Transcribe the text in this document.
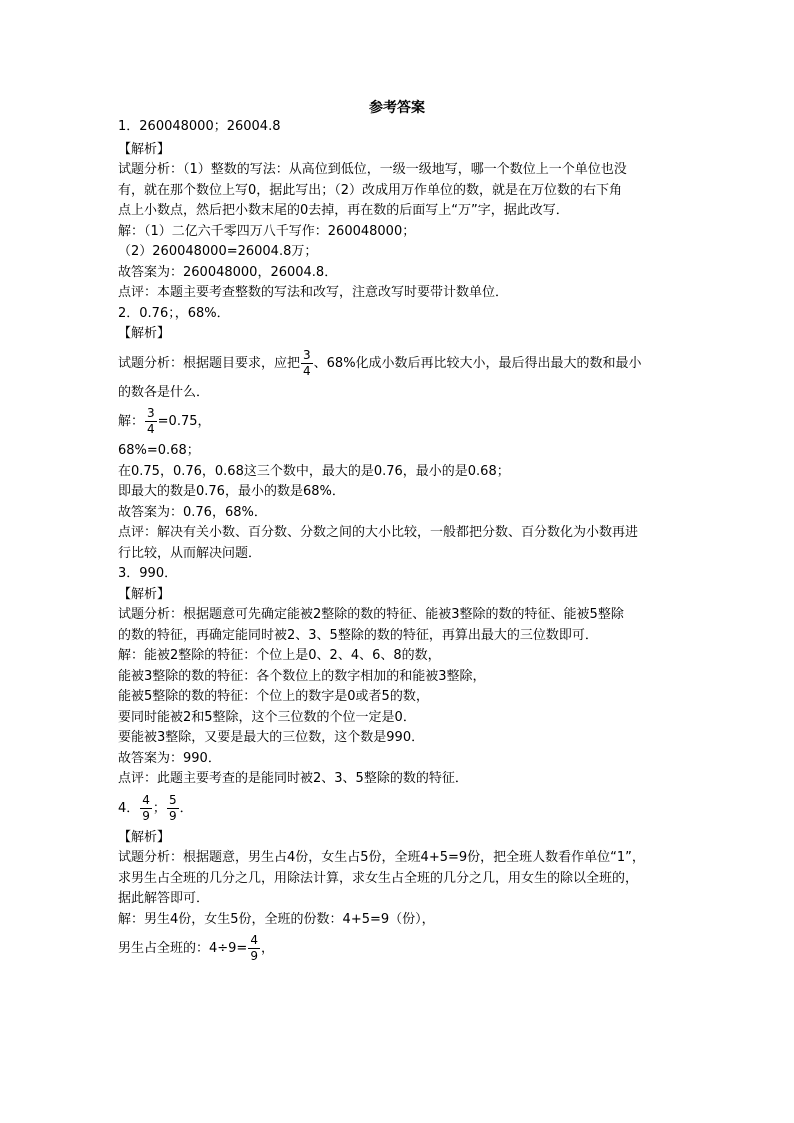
参考答案
1．260048000；26004.8
【解析】
试题分析：（1）整数的写法：从高位到低位，一级一级地写，哪一个数位上一个单位也没
有，就在那个数位上写0，据此写出；（2）改成用万作单位的数，就是在万位数的右下角
点上小数点，然后把小数末尾的0去掉，再在数的后面写上“万”字，据此改写．
解：（1）二亿六千零四万八千写作：260048000；
（2）260048000=26004.8万；
故答案为：260048000，26004.8．
点评：本题主要考查整数的写法和改写，注意改写时要带计数单位．
2．0.76；，68%．
【解析】
试题分析：根据题目要求，应把 $\frac{3}{4}$ 、68%化成小数后再比较大小，最后得出最大的数和最小
的数各是什么．
解： $\frac{3}{4} =0.75$，
68%=0.68；
在0.75，0.76，0.68这三个数中，最大的是0.76，最小的是0.68；
即最大的数是0.76，最小的数是68%．
故答案为：0.76，68%．
点评：解决有关小数、百分数、分数之间的大小比较，一般都把分数、百分数化为小数再进
行比较，从而解决问题．
3．990．
【解析】
试题分析：根据题意可先确定能被2整除的数的特征、能被3整除的数的特征、能被5整除
的数的特征，再确定能同时被2、3、5整除的数的特征，再算出最大的三位数即可．
解：能被2整除的特征：个位上是0、2、4、6、8的数，
能被3整除的数的特征：各个数位上的数字相加的和能被3整除，
能被5整除的数的特征：个位上的数字是0或者5的数，
要同时能被2和5整除，这个三位数的个位一定是0．
要能被3整除，又要是最大的三位数，这个数是990．
故答案为：990．
点评：此题主要考查的是能同时被2、3、5整除的数的特征．
4． $\frac{4}{9}$ ； $\frac{5}{9}$ ．
【解析】
试题分析：根据题意，男生占4份，女生占5份，全班4+5=9份，把全班人数看作单位“1”，
求男生占全班的几分之几，用除法计算，求女生占全班的几分之几，用女生的除以全班的，
据此解答即可．
解：男生4份，女生5份，全班的份数：4+5=9（份），
男生占全班的：$4\div 9= \frac{4}{9}$ ，
